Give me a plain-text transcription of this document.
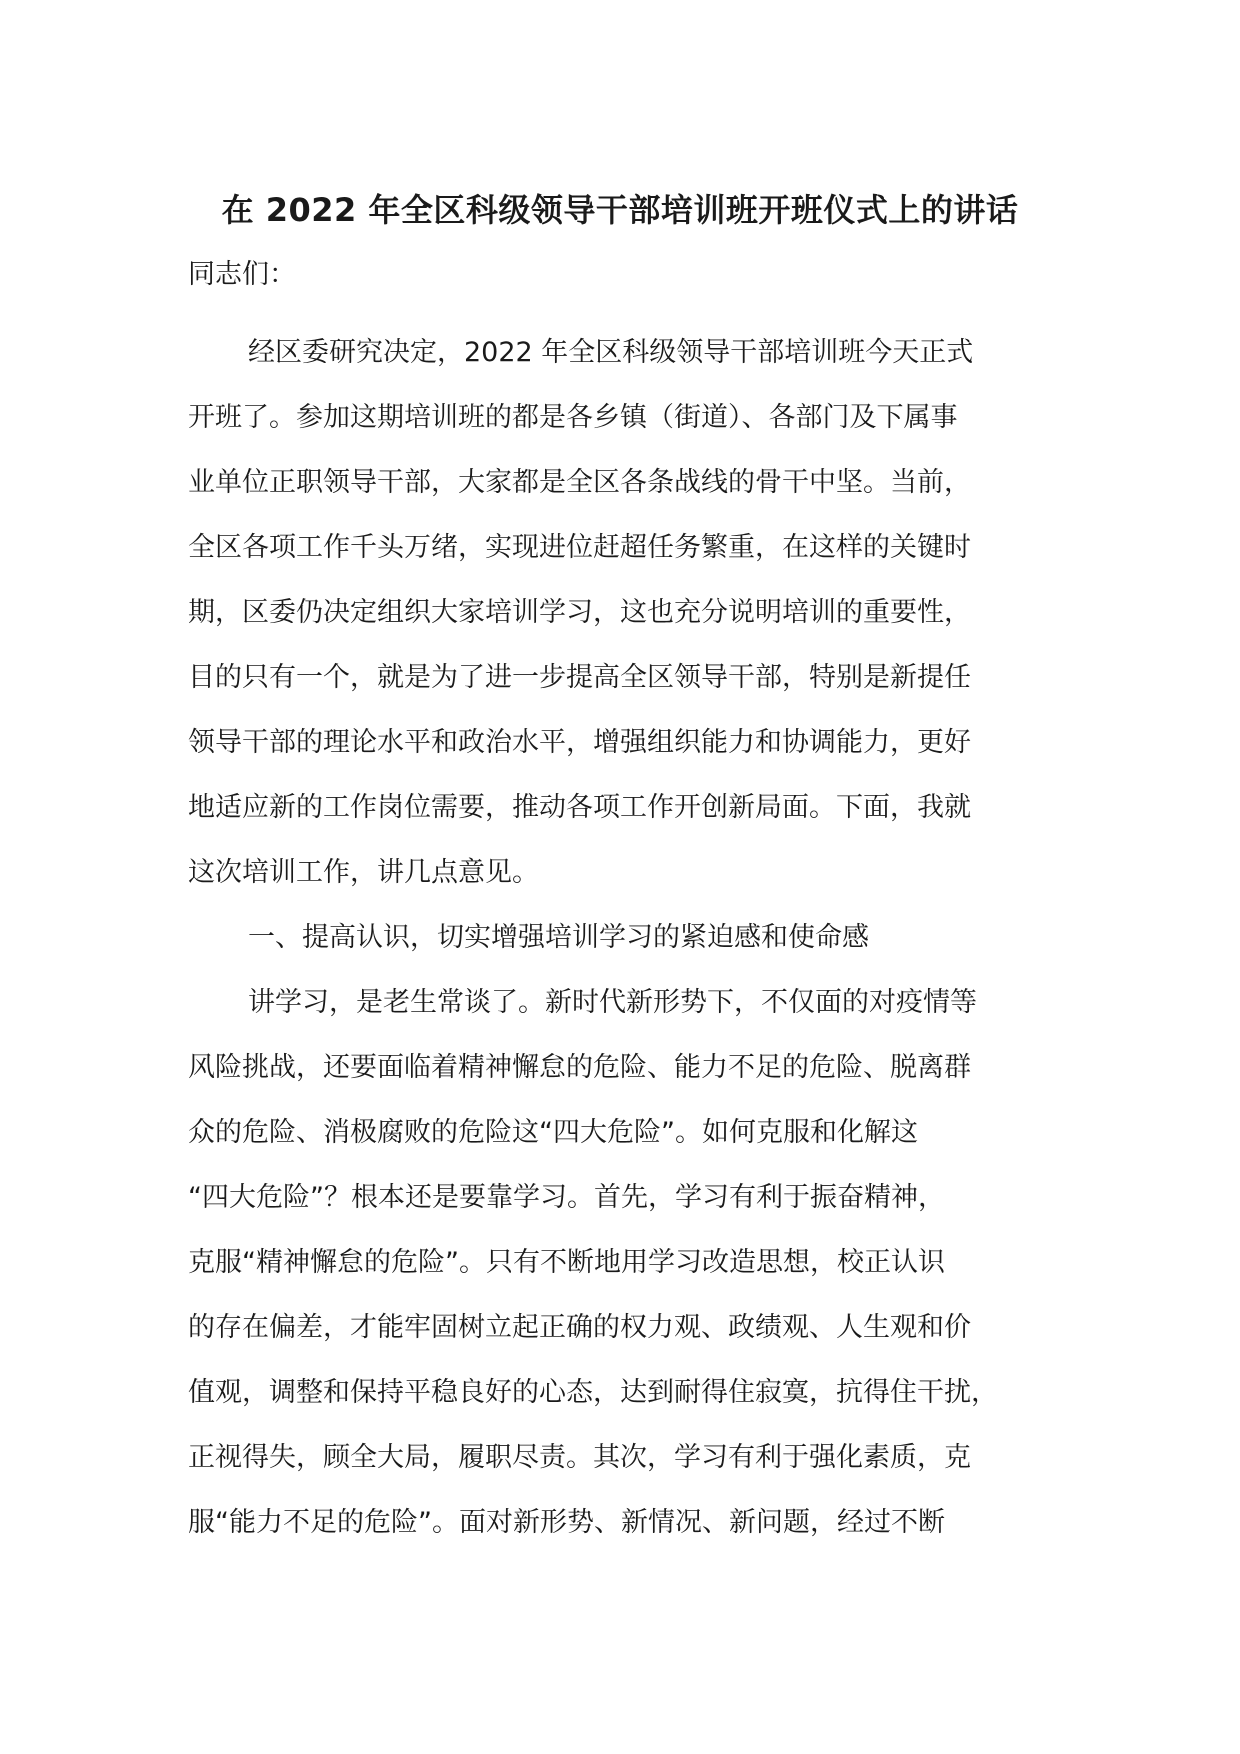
在 2022 年全区科级领导干部培训班开班仪式上的讲话

同志们：

经区委研究决定，2022 年全区科级领导干部培训班今天正式
开班了。参加这期培训班的都是各乡镇（街道）、各部门及下属事
业单位正职领导干部，大家都是全区各条战线的骨干中坚。当前，
全区各项工作千头万绪，实现进位赶超任务繁重，在这样的关键时
期，区委仍决定组织大家培训学习，这也充分说明培训的重要性，
目的只有一个，就是为了进一步提高全区领导干部，特别是新提任
领导干部的理论水平和政治水平，增强组织能力和协调能力，更好
地适应新的工作岗位需要，推动各项工作开创新局面。下面，我就
这次培训工作，讲几点意见。
一、提高认识，切实增强培训学习的紧迫感和使命感
讲学习，是老生常谈了。新时代新形势下，不仅面的对疫情等
风险挑战，还要面临着精神懈怠的危险、能力不足的危险、脱离群
众的危险、消极腐败的危险这“四大危险”。如何克服和化解这
“四大危险”？根本还是要靠学习。首先，学习有利于振奋精神，
克服“精神懈怠的危险”。只有不断地用学习改造思想，校正认识
的存在偏差，才能牢固树立起正确的权力观、政绩观、人生观和价
值观，调整和保持平稳良好的心态，达到耐得住寂寞，抗得住干扰，
正视得失，顾全大局，履职尽责。其次，学习有利于强化素质，克
服“能力不足的危险”。面对新形势、新情况、新问题，经过不断
